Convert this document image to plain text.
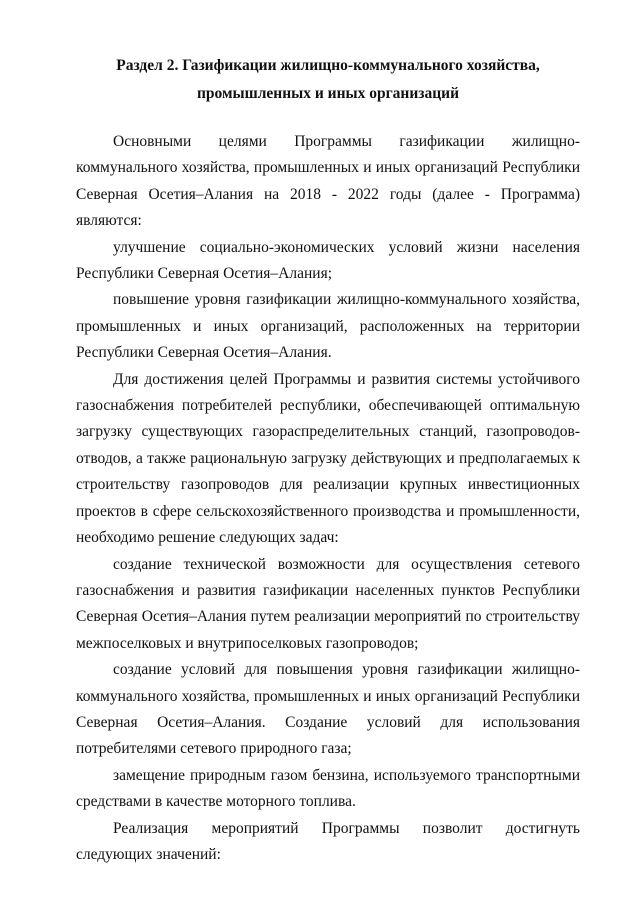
Раздел 2. Газификации жилищно-коммунального хозяйства,
промышленных и иных организаций

Основными целями Программы газификации жилищно-коммунального хозяйства, промышленных и иных организаций Республики Северная Осетия–Алания на 2018 - 2022 годы (далее - Программа) являются:

улучшение социально-экономических условий жизни населения Республики Северная Осетия–Алания;

повышение уровня газификации жилищно-коммунального хозяйства, промышленных и иных организаций, расположенных на территории Республики Северная Осетия–Алания.

Для достижения целей Программы и развития системы устойчивого газоснабжения потребителей республики, обеспечивающей оптимальную загрузку существующих газораспределительных станций, газопроводов-отводов, а также рациональную загрузку действующих и предполагаемых к строительству газопроводов для реализации крупных инвестиционных проектов в сфере сельскохозяйственного производства и промышленности, необходимо решение следующих задач:

создание технической возможности для осуществления сетевого газоснабжения и развития газификации населенных пунктов Республики Северная Осетия–Алания путем реализации мероприятий по строительству межпоселковых и внутрипоселковых газопроводов;

создание условий для повышения уровня газификации жилищно-коммунального хозяйства, промышленных и иных организаций Республики Северная Осетия–Алания. Создание условий для использования потребителями сетевого природного газа;

замещение природным газом бензина, используемого транспортными средствами в качестве моторного топлива.

Реализация мероприятий Программы позволит достигнуть следующих значений:
